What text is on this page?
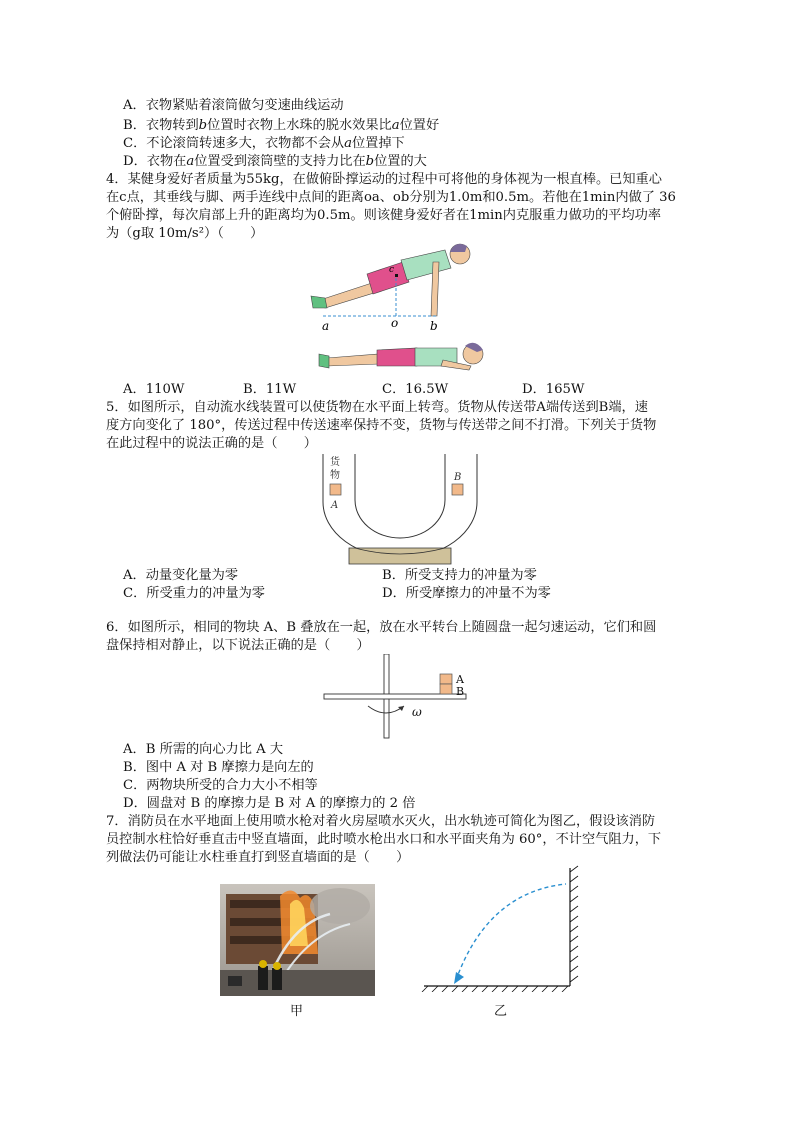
A．衣物紧贴着滚筒做匀变速曲线运动
B．衣物转到b位置时衣物上水珠的脱水效果比a位置好
C．不论滚筒转速多大，衣物都不会从a位置掉下
D．衣物在a位置受到滚筒壁的支持力比在b位置的大
4．某健身爱好者质量为55kg，在做俯卧撑运动的过程中可将他的身体视为一根直棒。已知重心
在c点，其垂线与脚、两手连线中点间的距离oa、ob分别为1.0m和0.5m。若他在1min内做了 36
个俯卧撑，每次肩部上升的距离均为0.5m。则该健身爱好者在1min内克服重力做功的平均功率
为（g取 10m/s²）（　　）
a	o	b
c
A．110W	B．11W	C．16.5W	D．165W
5．如图所示，自动流水线装置可以使货物在水平面上转弯。货物从传送带A端传送到B端，速
度方向变化了 180°，传送过程中传送速率保持不变，货物与传送带之间不打滑。下列关于货物
在此过程中的说法正确的是（　　）
货
物
A
B
A．动量变化量为零	B．所受支持力的冲量为零
C．所受重力的冲量为零	D．所受摩擦力的冲量不为零
6．如图所示，相同的物块 A、B 叠放在一起，放在水平转台上随圆盘一起匀速运动，它们和圆
盘保持相对静止，以下说法正确的是（　　）
A
B
ω
A．B 所需的向心力比 A 大
B．图中 A 对 B 摩擦力是向左的
C．两物块所受的合力大小不相等
D．圆盘对 B 的摩擦力是 B 对 A 的摩擦力的 2 倍
7．消防员在水平地面上使用喷水枪对着火房屋喷水灭火，出水轨迹可简化为图乙，假设该消防
员控制水柱恰好垂直击中竖直墙面，此时喷水枪出水口和水平面夹角为 60°，不计空气阻力，下
列做法仍可能让水柱垂直打到竖直墙面的是（　　）
甲	乙
